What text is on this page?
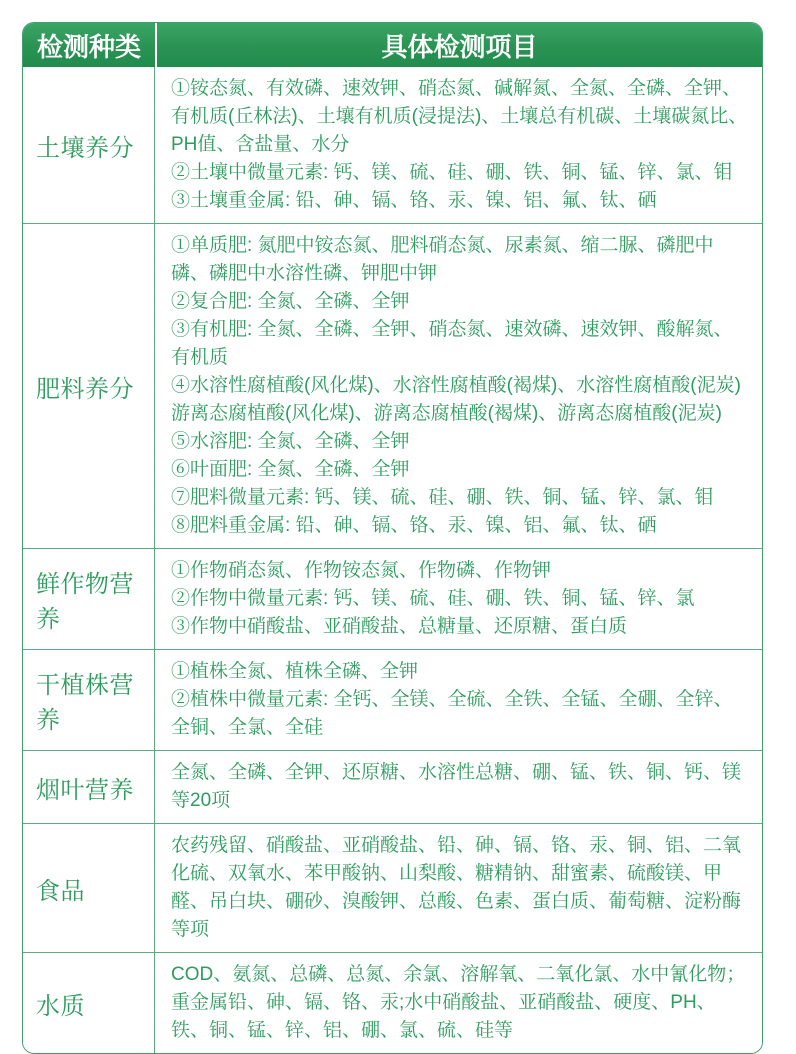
检测种类	具体检测项目
土壤养分
①铵态氮、有效磷、速效钾、硝态氮、碱解氮、全氮、全磷、全钾、有机质(丘林法)、土壤有机质(浸提法)、土壤总有机碳、土壤碳氮比、PH值、含盐量、水分
②土壤中微量元素: 钙、镁、硫、硅、硼、铁、铜、锰、锌、氯、钼
③土壤重金属: 铅、砷、镉、铬、汞、镍、铝、氟、钛、硒
肥料养分
①单质肥: 氮肥中铵态氮、肥料硝态氮、尿素氮、缩二脲、磷肥中磷、磷肥中水溶性磷、钾肥中钾
②复合肥: 全氮、全磷、全钾
③有机肥: 全氮、全磷、全钾、硝态氮、速效磷、速效钾、酸解氮、有机质
④水溶性腐植酸(风化煤)、水溶性腐植酸(褐煤)、水溶性腐植酸(泥炭)
游离态腐植酸(风化煤)、游离态腐植酸(褐煤)、游离态腐植酸(泥炭)
⑤水溶肥: 全氮、全磷、全钾
⑥叶面肥: 全氮、全磷、全钾
⑦肥料微量元素: 钙、镁、硫、硅、硼、铁、铜、锰、锌、氯、钼
⑧肥料重金属: 铅、砷、镉、铬、汞、镍、铝、氟、钛、硒
鲜作物营养
①作物硝态氮、作物铵态氮、作物磷、作物钾
②作物中微量元素: 钙、镁、硫、硅、硼、铁、铜、锰、锌、氯
③作物中硝酸盐、亚硝酸盐、总糖量、还原糖、蛋白质
干植株营养
①植株全氮、植株全磷、全钾
②植株中微量元素: 全钙、全镁、全硫、全铁、全锰、全硼、全锌、全铜、全氯、全硅
烟叶营养
全氮、全磷、全钾、还原糖、水溶性总糖、硼、锰、铁、铜、钙、镁等20项
食品
农药残留、硝酸盐、亚硝酸盐、铅、砷、镉、铬、汞、铜、铝、二氧化硫、双氧水、苯甲酸钠、山梨酸、糖精钠、甜蜜素、硫酸镁、甲醛、吊白块、硼砂、溴酸钾、总酸、色素、蛋白质、葡萄糖、淀粉酶等项
水质
COD、氨氮、总磷、总氮、余氯、溶解氧、二氧化氯、水中氰化物；重金属铅、砷、镉、铬、汞;水中硝酸盐、亚硝酸盐、硬度、PH、铁、铜、锰、锌、铝、硼、氯、硫、硅等
